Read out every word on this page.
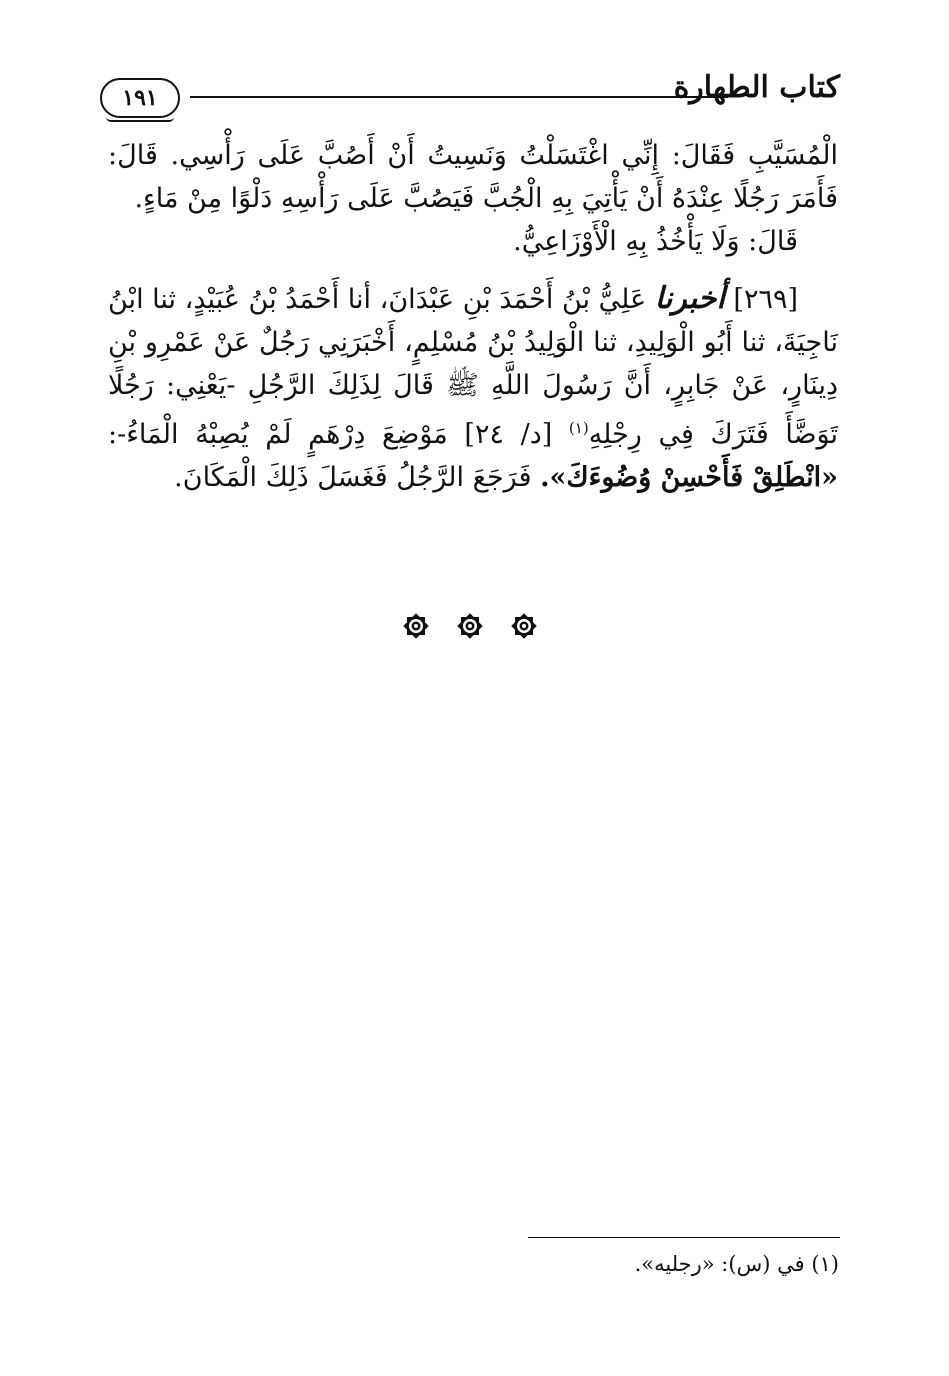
١٩١	كتاب الطهارة

الْمُسَيَّبِ فَقَالَ: إِنِّي اغْتَسَلْتُ وَنَسِيتُ أَنْ أَصُبَّ عَلَى رَأْسِي. قَالَ: فَأَمَرَ رَجُلًا عِنْدَهُ أَنْ يَأْتِيَ بِهِ الْجُبَّ فَيَصُبَّ عَلَى رَأْسِهِ دَلْوًا مِنْ مَاءٍ.

قَالَ: وَلَا يَأْخُذُ بِهِ الْأَوْزَاعِيُّ.

[٢٦٩] أخبرنا عَلِيُّ بْنُ أَحْمَدَ بْنِ عَبْدَانَ، أنا أَحْمَدُ بْنُ عُبَيْدٍ، ثنا ابْنُ نَاجِيَةَ، ثنا أَبُو الْوَلِيدِ، ثنا الْوَلِيدُ بْنُ مُسْلِمٍ، أَخْبَرَنِي رَجُلٌ عَنْ عَمْرِو بْنِ دِينَارٍ، عَنْ جَابِرٍ، أَنَّ رَسُولَ اللَّهِ ﷺ قَالَ لِذَلِكَ الرَّجُلِ -يَعْنِي: رَجُلًا تَوَضَّأَ فَتَرَكَ فِي رِجْلِهِ$^{(١)}$ [د/ ٢٤] مَوْضِعَ دِرْهَمٍ لَمْ يُصِبْهُ الْمَاءُ-: «انْطَلِقْ فَأَحْسِنْ وُضُوءَكَ». فَرَجَعَ الرَّجُلُ فَغَسَلَ ذَلِكَ الْمَكَانَ.

(١) في (س): «رجليه».
